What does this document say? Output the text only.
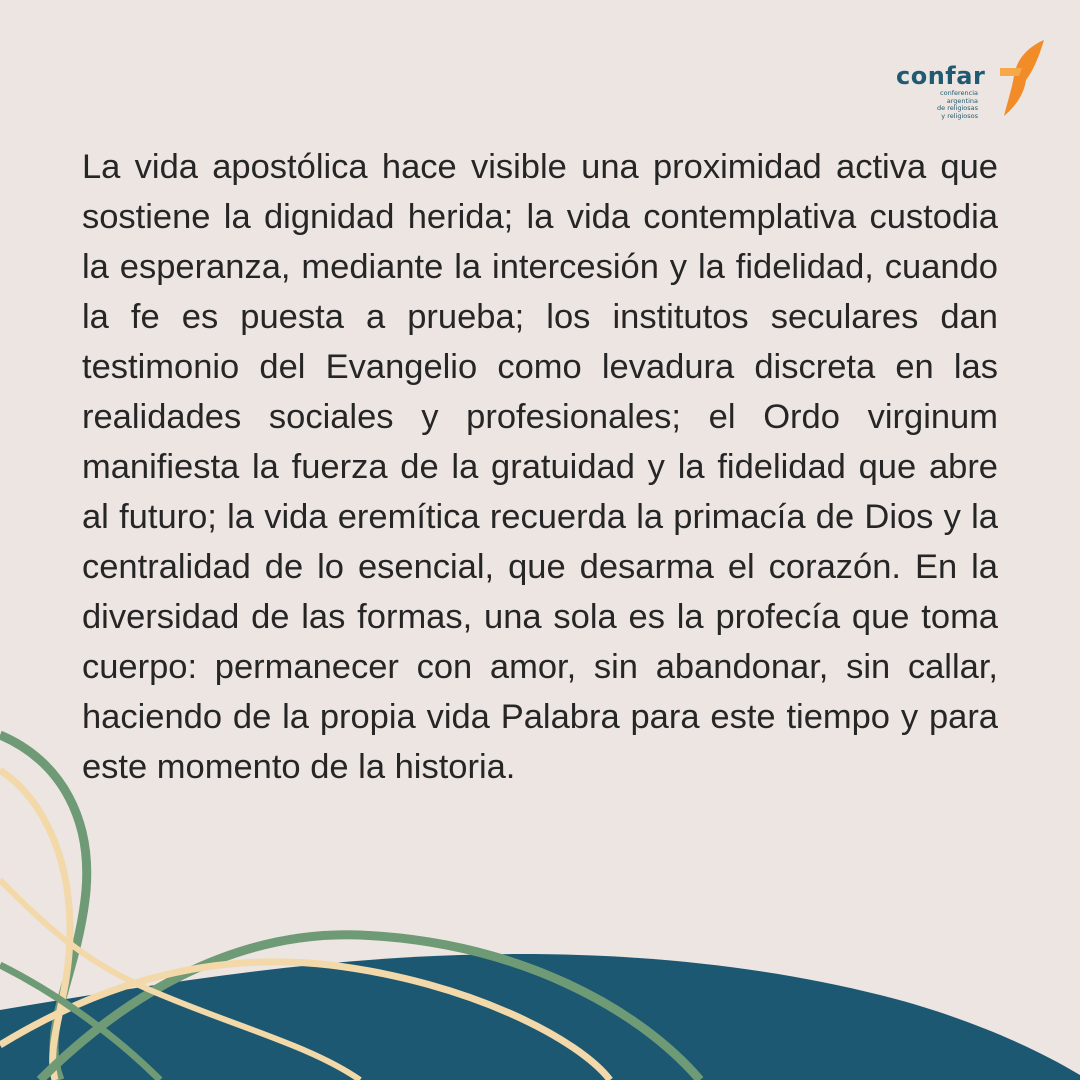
confar
conferencia
argentina
de religiosas
y religiosos

La vida apostólica hace visible una proximidad activa que sostiene la dignidad herida; la vida contemplativa custodia la esperanza, mediante la intercesión y la fidelidad, cuando la fe es puesta a prueba; los institutos seculares dan testimonio del Evangelio como levadura discreta en las realidades sociales y profesionales; el Ordo virginum manifiesta la fuerza de la gratuidad y la fidelidad que abre al futuro; la vida eremítica recuerda la primacía de Dios y la centralidad de lo esencial, que desarma el corazón. En la diversidad de las formas, una sola es la profecía que toma cuerpo: permanecer con amor, sin abandonar, sin callar, haciendo de la propia vida Palabra para este tiempo y para este momento de la historia.
